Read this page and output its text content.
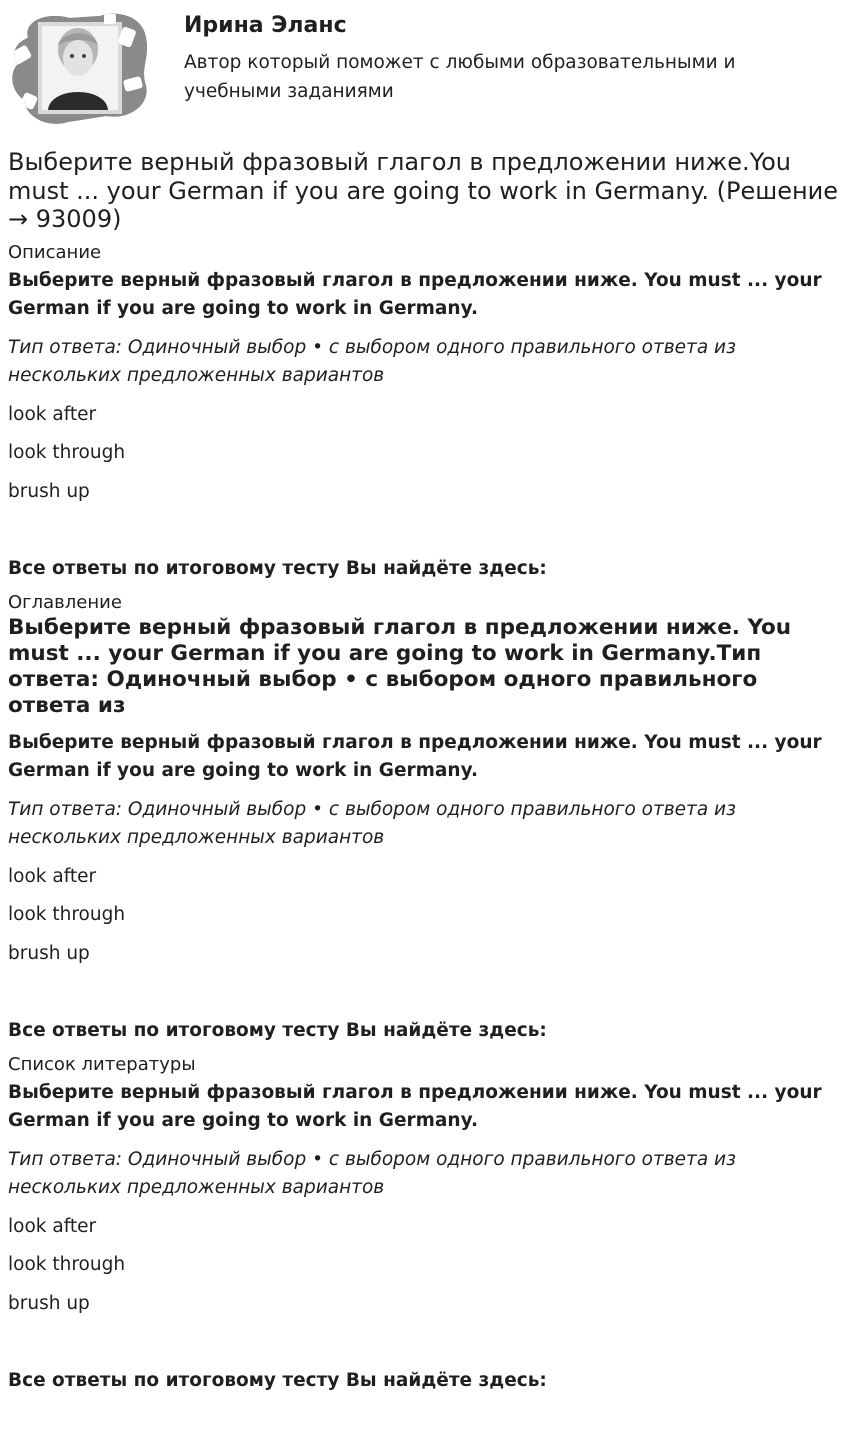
Ирина Эланс
Автор который поможет с любыми образовательными и учебными заданиями
Выберите верный фразовый глагол в предложении ниже.You must ... your German if you are going to work in Germany. (Решение → 93009)
Описание
Выберите верный фразовый глагол в предложении ниже. You must ... your German if you are going to work in Germany.
Тип ответа: Одиночный выбор • с выбором одного правильного ответа из нескольких предложенных вариантов
look after
look through
brush up
Все ответы по итоговому тесту Вы найдёте здесь:
Оглавление
Выберите верный фразовый глагол в предложении ниже. You must ... your German if you are going to work in Germany.Тип ответа: Одиночный выбор • с выбором одного правильного ответа из
Выберите верный фразовый глагол в предложении ниже. You must ... your German if you are going to work in Germany.
Тип ответа: Одиночный выбор • с выбором одного правильного ответа из нескольких предложенных вариантов
look after
look through
brush up
Все ответы по итоговому тесту Вы найдёте здесь:
Список литературы
Выберите верный фразовый глагол в предложении ниже. You must ... your German if you are going to work in Germany.
Тип ответа: Одиночный выбор • с выбором одного правильного ответа из нескольких предложенных вариантов
look after
look through
brush up
Все ответы по итоговому тесту Вы найдёте здесь:
